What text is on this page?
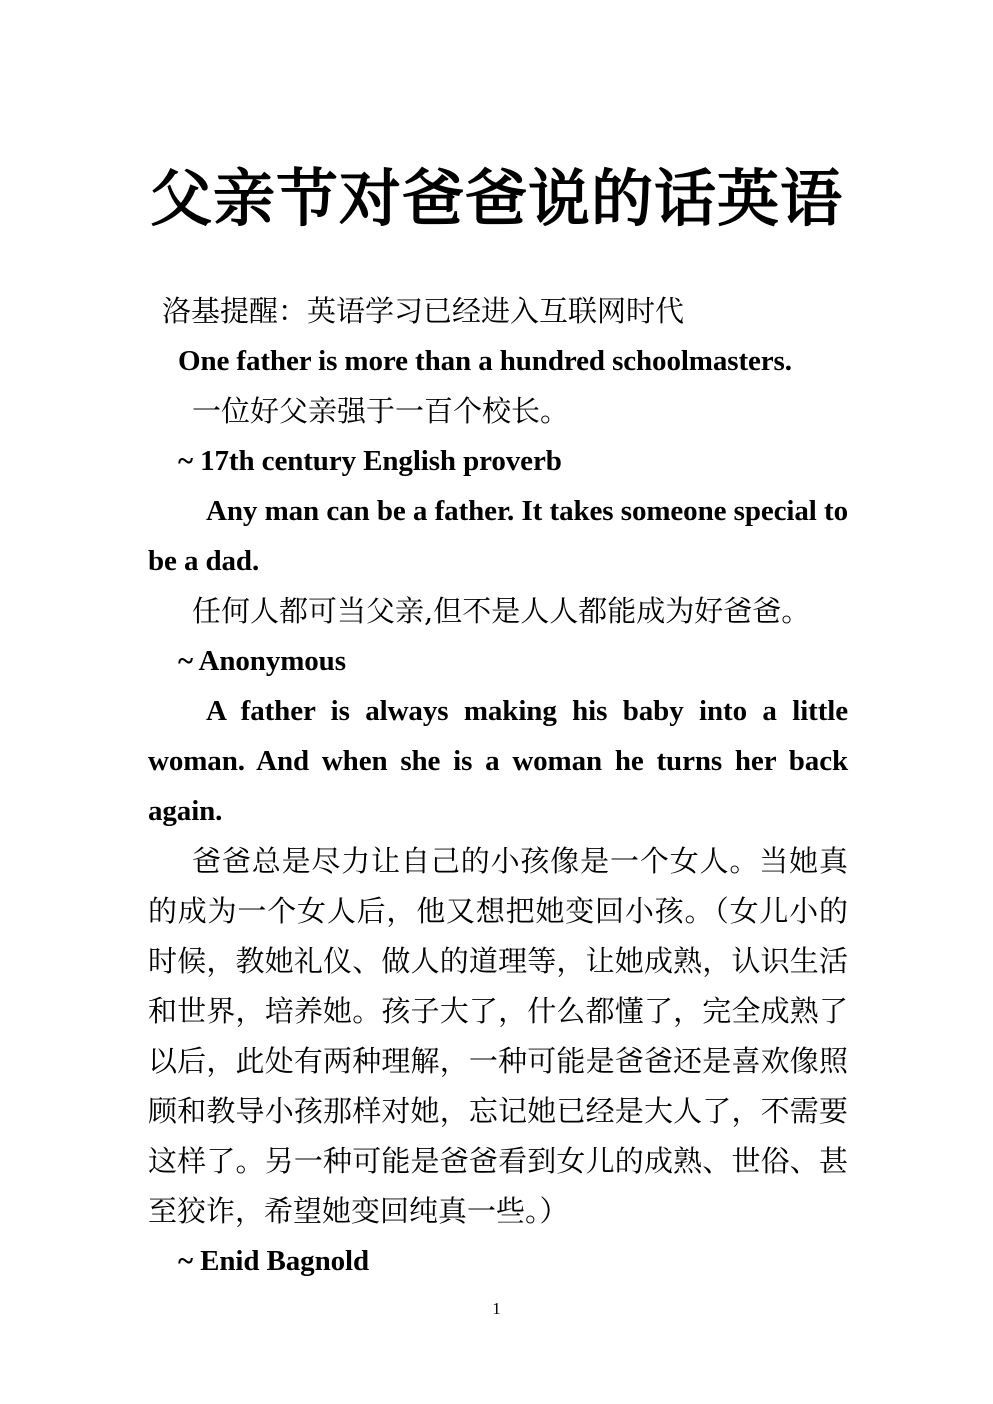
父亲节对爸爸说的话英语
洛基提醒：英语学习已经进入互联网时代
One father is more than a hundred schoolmasters.
一位好父亲强于一百个校长。
~ 17th century English proverb
Any man can be a father. It takes someone special to be a dad.
任何人都可当父亲,但不是人人都能成为好爸爸。
~ Anonymous
A father is always making his baby into a little woman. And when she is a woman he turns her back again.
爸爸总是尽力让自己的小孩像是一个女人。当她真的成为一个女人后，他又想把她变回小孩。（女儿小的时候，教她礼仪、做人的道理等，让她成熟，认识生活和世界，培养她。孩子大了，什么都懂了，完全成熟了以后，此处有两种理解，一种可能是爸爸还是喜欢像照顾和教导小孩那样对她，忘记她已经是大人了，不需要这样了。另一种可能是爸爸看到女儿的成熟、世俗、甚至狡诈，希望她变回纯真一些。）
~ Enid Bagnold
1
